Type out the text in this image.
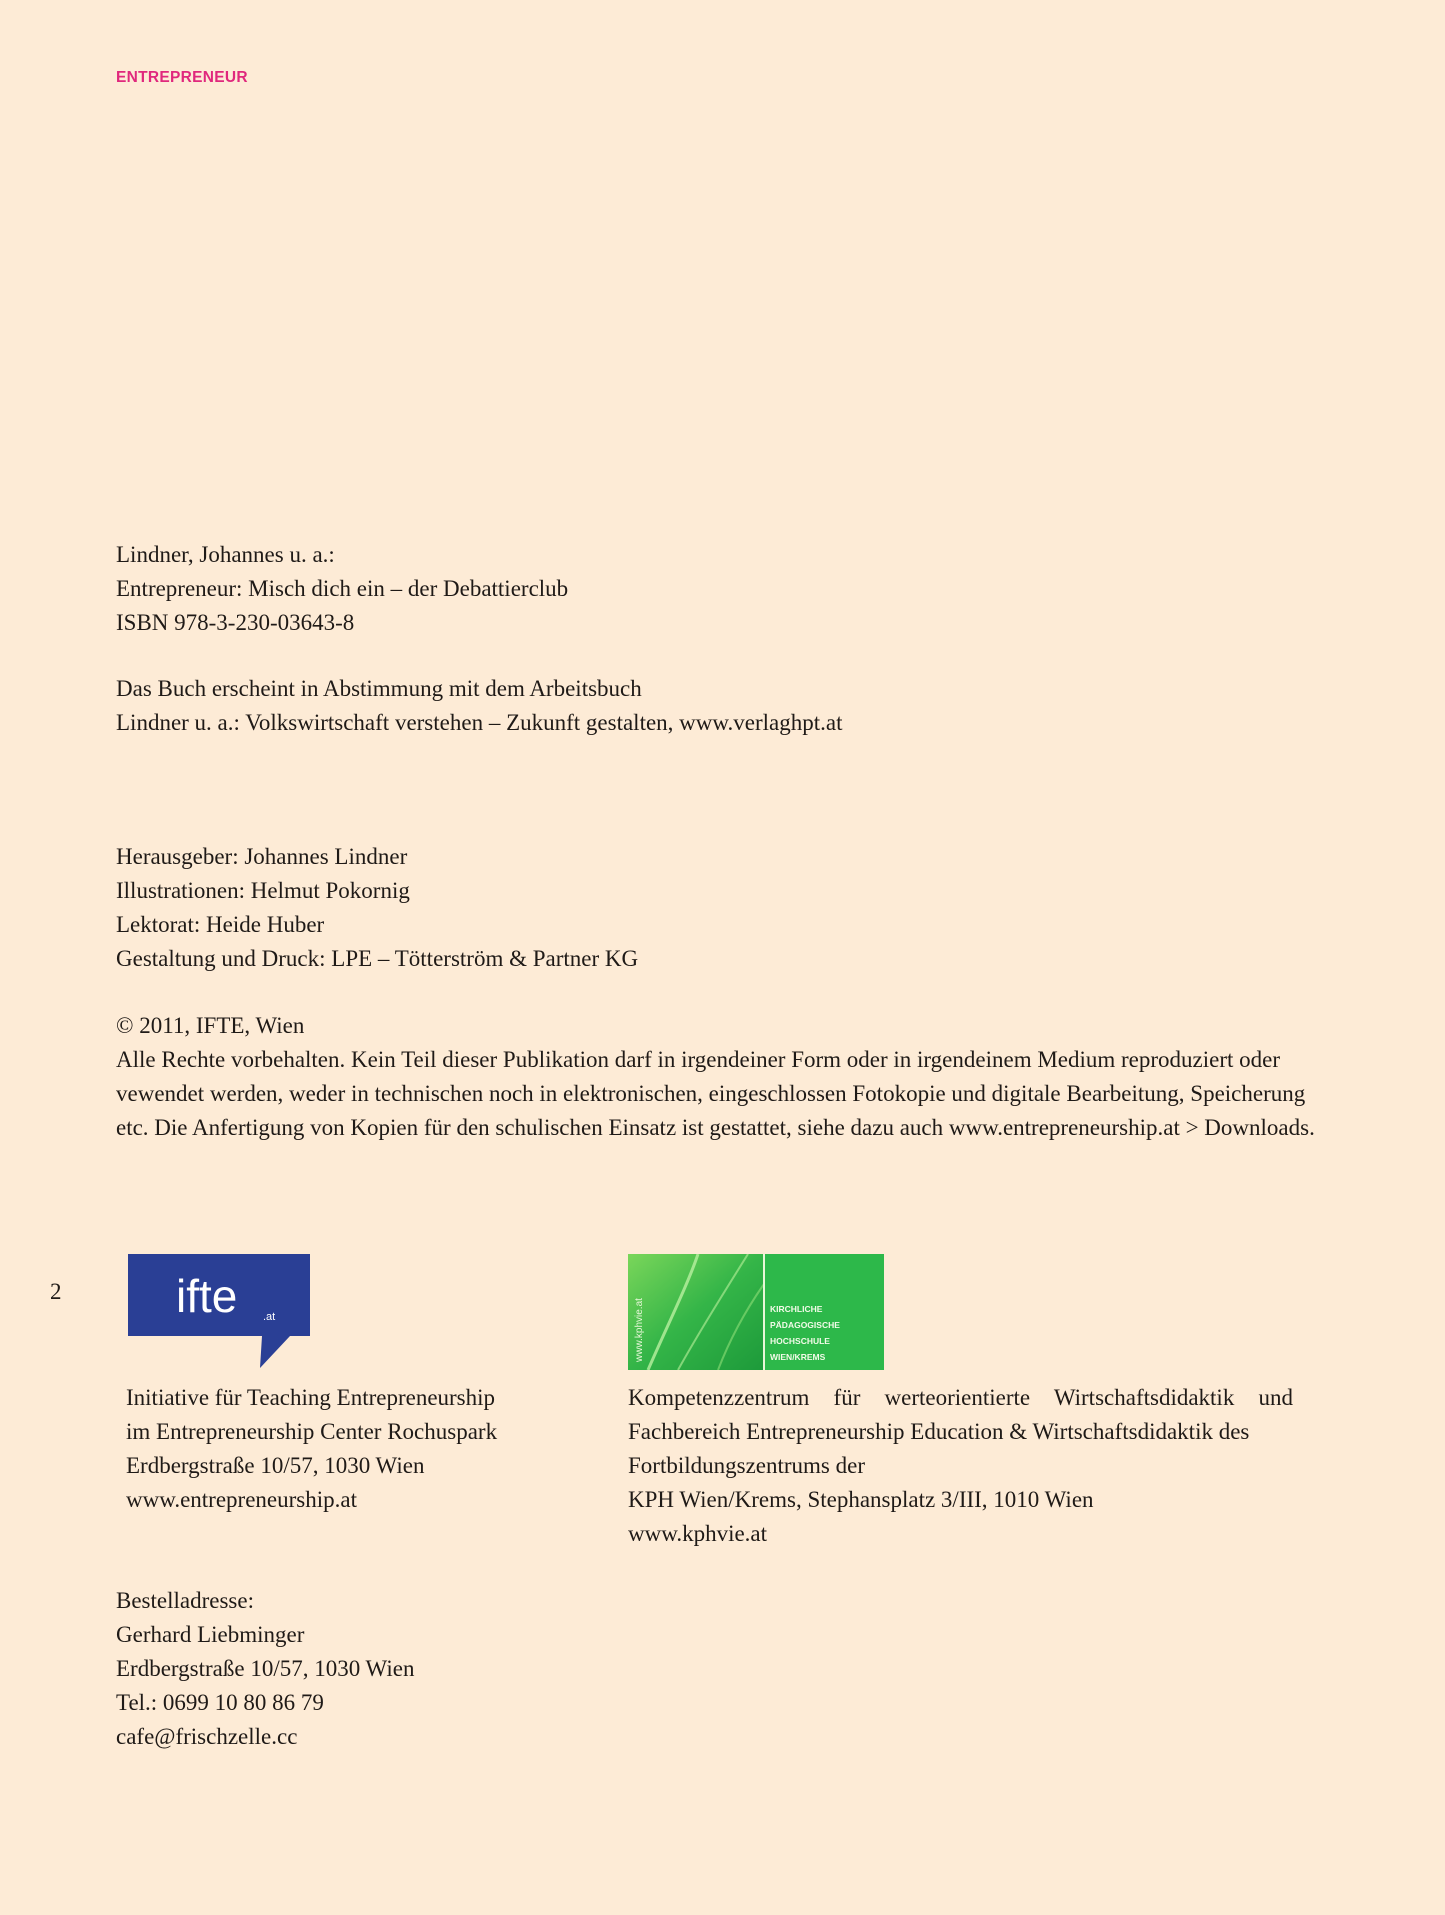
ENTREPRENEUR
Lindner, Johannes u. a.:
Entrepreneur: Misch dich ein – der Debattierclub
ISBN 978-3-230-03643-8
Das Buch erscheint in Abstimmung mit dem Arbeitsbuch
Lindner u. a.: Volkswirtschaft verstehen – Zukunft gestalten, www.verlaghpt.at
Herausgeber: Johannes Lindner
Illustrationen: Helmut Pokornig
Lektorat: Heide Huber
Gestaltung und Druck: LPE – Tötterström & Partner KG
© 2011, IFTE, Wien
Alle Rechte vorbehalten. Kein Teil dieser Publikation darf in irgendeiner Form oder in irgendeinem Medium reproduziert oder vewendet werden, weder in technischen noch in elektronischen, eingeschlossen Fotokopie und digitale Bearbeitung, Speicherung etc. Die Anfertigung von Kopien für den schulischen Einsatz ist gestattet, siehe dazu auch www.entrepreneurship.at > Downloads.
2 ifte .at	www.kphvie.at	KIRCHLICHE
PÄDAGOGISCHE
HOCHSCHULE
WIEN/KREMS
Initiative für Teaching Entrepreneurship
im Entrepreneurship Center Rochuspark
Erdbergstraße 10/57, 1030 Wien
www.entrepreneurship.at
Kompetenzzentrum für werteorientierte Wirtschaftsdidaktik und
Fachbereich Entrepreneurship Education & Wirtschaftsdidaktik des
Fortbildungszentrums der
KPH Wien/Krems, Stephansplatz 3/III, 1010 Wien
www.kphvie.at
Bestelladresse:
Gerhard Liebminger
Erdbergstraße 10/57, 1030 Wien
Tel.: 0699 10 80 86 79
cafe@frischzelle.cc
